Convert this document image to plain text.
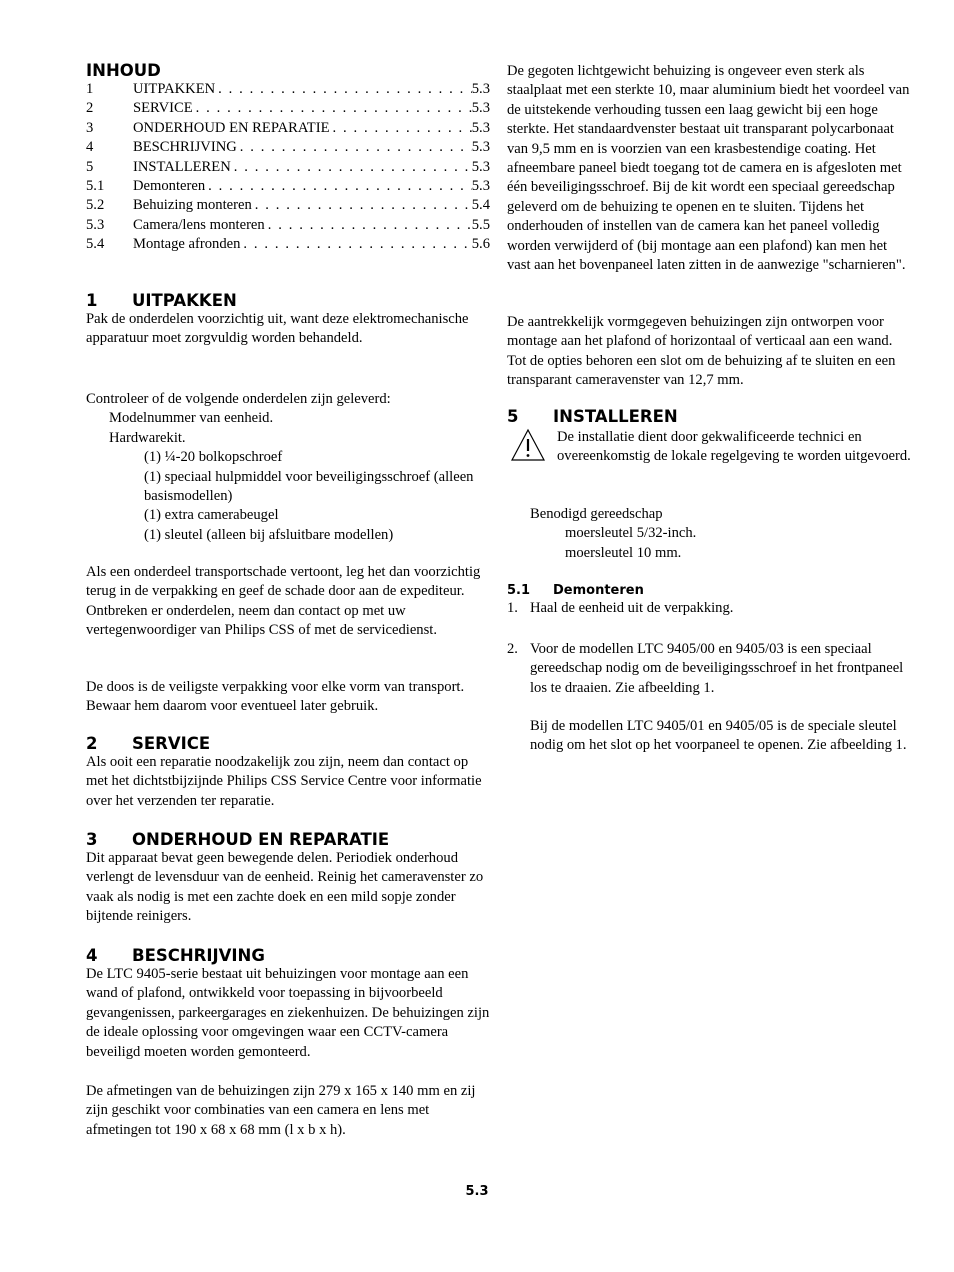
INHOUD
1	UITPAKKEN . . .	5.3
2	SERVICE . . .	5.3
3	ONDERHOUD EN REPARATIE . . .	5.3
4	BESCHRIJVING . . .	5.3
5	INSTALLEREN . . .	5.3
5.1	Demonteren . . .	5.3
5.2	Behuizing monteren . . .	5.4
5.3	Camera/lens monteren . . .	5.5
5.4	Montage afronden . . .	5.6
1 UITPAKKEN

Pak de onderdelen voorzichtig uit, want deze elektromechanische apparatuur moet zorgvuldig worden behandeld.

Controleer of de volgende onderdelen zijn geleverd:

Modelnummer van eenheid.

Hardwarekit.

(1) ¼-20 bolkopschroef

(1) speciaal hulpmiddel voor beveiligingsschroef (alleen basismodellen)

(1) extra camerabeugel

(1) sleutel (alleen bij afsluitbare modellen)

Als een onderdeel transportschade vertoont, leg het dan voorzichtig terug in de verpakking en geef de schade door aan de expediteur. Ontbreken er onderdelen, neem dan contact op met uw vertegenwoordiger van Philips CSS of met de servicedienst.

De doos is de veiligste verpakking voor elke vorm van transport. Bewaar hem daarom voor eventueel later gebruik.

2 SERVICE

Als ooit een reparatie noodzakelijk zou zijn, neem dan contact op met het dichtstbijzijnde Philips CSS Service Centre voor informatie over het verzenden ter reparatie.

3 ONDERHOUD EN REPARATIE

Dit apparaat bevat geen bewegende delen. Periodiek onderhoud verlengt de levensduur van de eenheid. Reinig het cameravenster zo vaak als nodig is met een zachte doek en een mild sopje zonder bijtende reinigers.

4 BESCHRIJVING

De LTC 9405-serie bestaat uit behuizingen voor montage aan een wand of plafond, ontwikkeld voor toepassing in bijvoorbeeld gevangenissen, parkeergarages en ziekenhuizen. De behuizingen zijn de ideale oplossing voor omgevingen waar een CCTV-camera beveiligd moeten worden gemonteerd.

De afmetingen van de behuizingen zijn 279 x 165 x 140 mm en zij zijn geschikt voor combinaties van een camera en lens met afmetingen tot 190 x 68 x 68 mm (l x b x h).

De gegoten lichtgewicht behuizing is ongeveer even sterk als staalplaat met een sterkte 10, maar aluminium biedt het voordeel van de uitstekende verhouding tussen een laag gewicht bij een hoge sterkte. Het standaardvenster bestaat uit transparant polycarbonaat van 9,5 mm en is voorzien van een krasbestendige coating. Het afneembare paneel biedt toegang tot de camera en is afgesloten met één beveiligingsschroef. Bij de kit wordt een speciaal gereedschap geleverd om de behuizing te openen en te sluiten. Tijdens het onderhouden of instellen van de camera kan het paneel volledig worden verwijderd of (bij montage aan een plafond) kan men het vast aan het bovenpaneel laten zitten in de aanwezige "scharnieren".

De aantrekkelijk vormgegeven behuizingen zijn ontworpen voor montage aan het plafond of horizontaal of verticaal aan een wand. Tot de opties behoren een slot om de behuizing af te sluiten en een transparant cameravenster van 12,7 mm.

5 INSTALLEREN

De installatie dient door gekwalificeerde technici en overeenkomstig de lokale regelgeving te worden uitgevoerd.

Benodigd gereedschap

moersleutel 5/32-inch.

moersleutel 10 mm.

5.1 Demonteren
1. Haal de eenheid uit de verpakking.
2. Voor de modellen LTC 9405/00 en 9405/03 is een speciaal gereedschap nodig om de beveiligingsschroef in het frontpaneel los te draaien. Zie afbeelding 1.

Bij de modellen LTC 9405/01 en 9405/05 is de speciale sleutel nodig om het slot op het voorpaneel te openen. Zie afbeelding 1.

5.3
